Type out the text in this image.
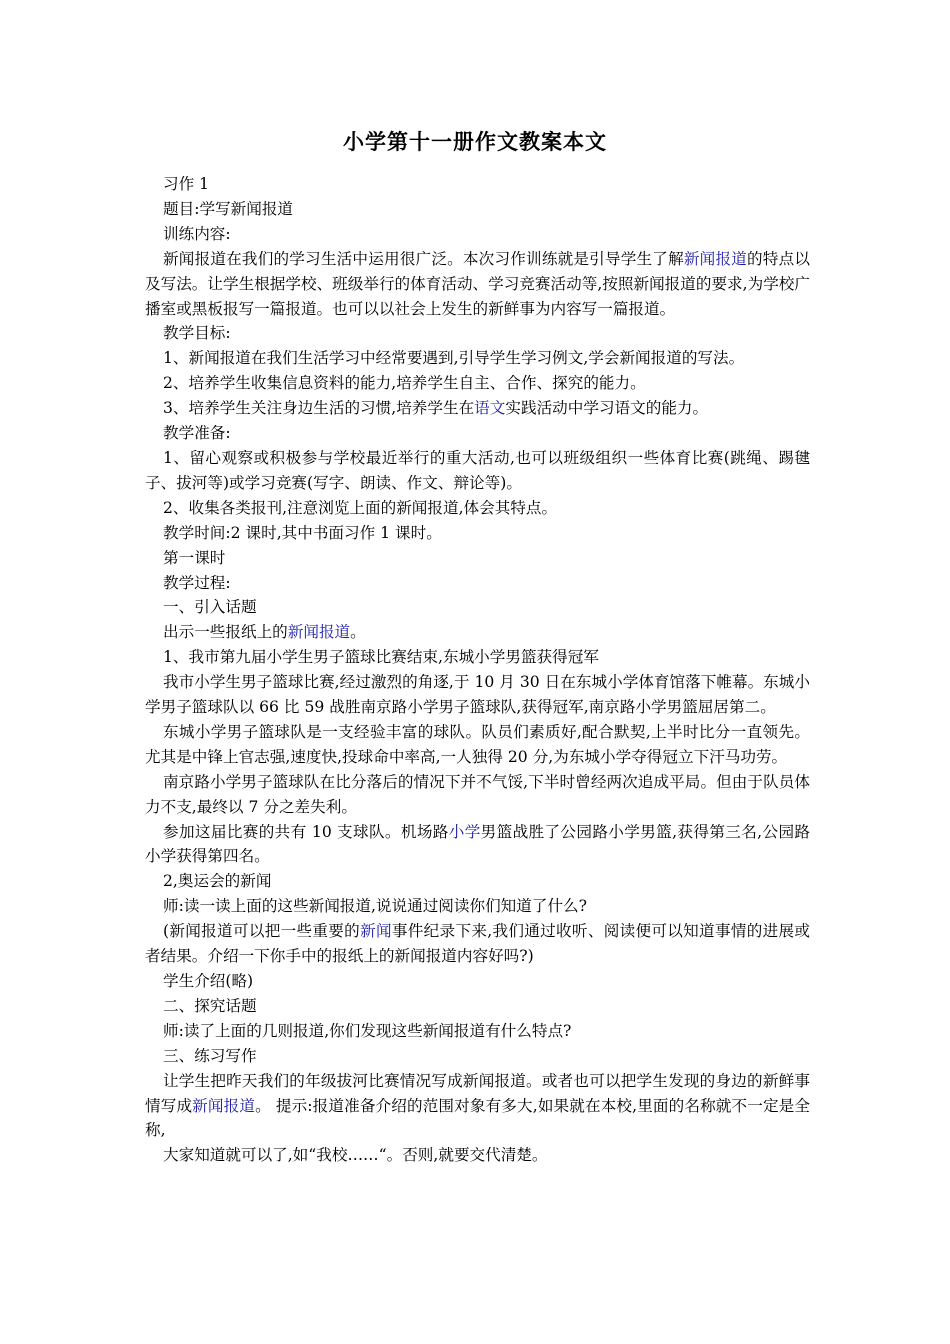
小学第十一册作文教案本文

习作 1

题目:学写新闻报道

训练内容:

新闻报道在我们的学习生活中运用很广泛。本次习作训练就是引导学生了解新闻报道的特点以及写法。让学生根据学校、班级举行的体育活动、学习竞赛活动等,按照新闻报道的要求,为学校广播室或黑板报写一篇报道。也可以以社会上发生的新鲜事为内容写一篇报道。

教学目标:

1、新闻报道在我们生活学习中经常要遇到,引导学生学习例文,学会新闻报道的写法。

2、培养学生收集信息资料的能力,培养学生自主、合作、探究的能力。

3、培养学生关注身边生活的习惯,培养学生在语文实践活动中学习语文的能力。

教学准备:

1、留心观察或积极参与学校最近举行的重大活动,也可以班级组织一些体育比赛(跳绳、踢毽子、拔河等)或学习竞赛(写字、朗读、作文、辩论等)。

2、收集各类报刊,注意浏览上面的新闻报道,体会其特点。

教学时间:2 课时,其中书面习作 1 课时。

第一课时

教学过程:

一、引入话题

出示一些报纸上的新闻报道。

1、我市第九届小学生男子篮球比赛结束,东城小学男篮获得冠军

我市小学生男子篮球比赛,经过激烈的角逐,于 10 月 30 日在东城小学体育馆落下帷幕。东城小学男子篮球队以 66 比 59 战胜南京路小学男子篮球队,获得冠军,南京路小学男篮屈居第二。

东城小学男子篮球队是一支经验丰富的球队。队员们素质好,配合默契,上半时比分一直领先。尤其是中锋上官志强,速度快,投球命中率高,一人独得 20 分,为东城小学夺得冠立下汗马功劳。

南京路小学男子篮球队在比分落后的情况下并不气馁,下半时曾经两次追成平局。但由于队员体力不支,最终以 7 分之差失利。

参加这届比赛的共有 10 支球队。机场路小学男篮战胜了公园路小学男篮,获得第三名,公园路小学获得第四名。

2,奥运会的新闻

师:读一读上面的这些新闻报道,说说通过阅读你们知道了什么?

(新闻报道可以把一些重要的新闻事件纪录下来,我们通过收听、阅读便可以知道事情的进展或者结果。介绍一下你手中的报纸上的新闻报道内容好吗?)

学生介绍(略)

二、探究话题

师:读了上面的几则报道,你们发现这些新闻报道有什么特点?

三、练习写作

让学生把昨天我们的年级拔河比赛情况写成新闻报道。或者也可以把学生发现的身边的新鲜事情写成新闻报道。 提示:报道准备介绍的范围对象有多大,如果就在本校,里面的名称就不一定是全称,

大家知道就可以了,如“我校……“。否则,就要交代清楚。
